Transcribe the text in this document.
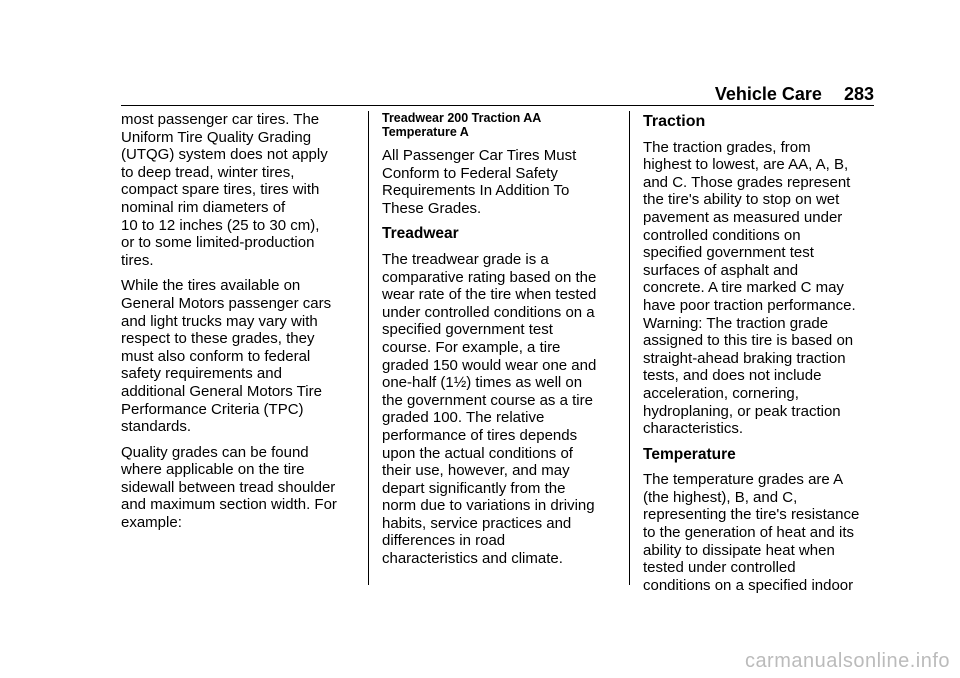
Vehicle Care 283

most passenger car tires. The
Uniform Tire Quality Grading
(UTQG) system does not apply
to deep tread, winter tires,
compact spare tires, tires with
nominal rim diameters of
10 to 12 inches (25 to 30 cm),
or to some limited-production
tires.

While the tires available on
General Motors passenger cars
and light trucks may vary with
respect to these grades, they
must also conform to federal
safety requirements and
additional General Motors Tire
Performance Criteria (TPC)
standards.

Quality grades can be found
where applicable on the tire
sidewall between tread shoulder
and maximum section width. For
example:

Treadwear 200 Traction AA
Temperature A

All Passenger Car Tires Must
Conform to Federal Safety
Requirements In Addition To
These Grades.

Treadwear

The treadwear grade is a
comparative rating based on the
wear rate of the tire when tested
under controlled conditions on a
specified government test
course. For example, a tire
graded 150 would wear one and
one-half (1½) times as well on
the government course as a tire
graded 100. The relative
performance of tires depends
upon the actual conditions of
their use, however, and may
depart significantly from the
norm due to variations in driving
habits, service practices and
differences in road
characteristics and climate.

Traction

The traction grades, from
highest to lowest, are AA, A, B,
and C. Those grades represent
the tire's ability to stop on wet
pavement as measured under
controlled conditions on
specified government test
surfaces of asphalt and
concrete. A tire marked C may
have poor traction performance.
Warning: The traction grade
assigned to this tire is based on
straight-ahead braking traction
tests, and does not include
acceleration, cornering,
hydroplaning, or peak traction
characteristics.

Temperature

The temperature grades are A
(the highest), B, and C,
representing the tire's resistance
to the generation of heat and its
ability to dissipate heat when
tested under controlled
conditions on a specified indoor

carmanualsonline.info
